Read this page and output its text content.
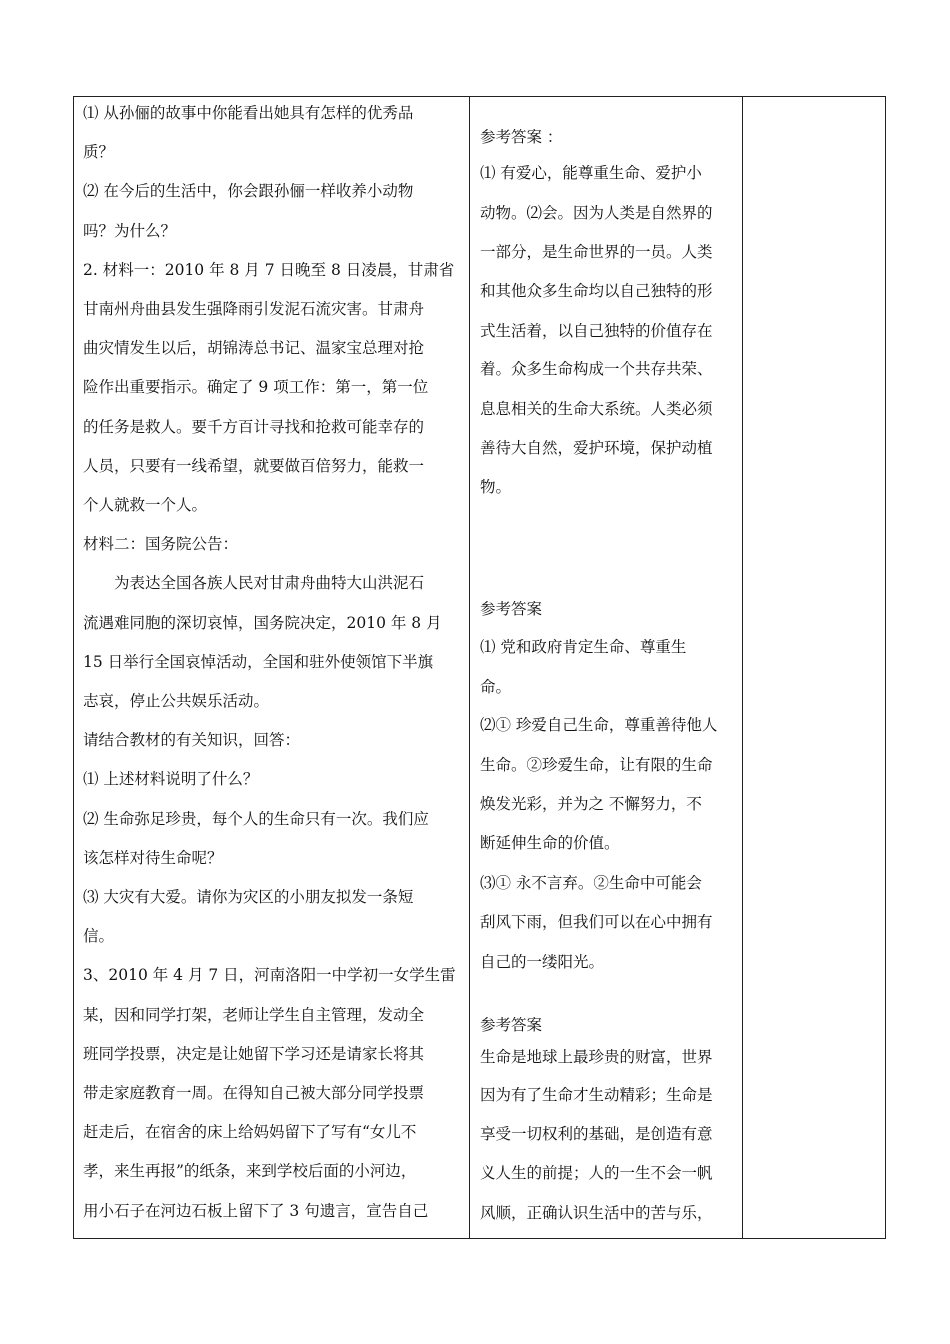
⑴ 从孙俪的故事中你能看出她具有怎样的优秀品
质？
⑵ 在今后的生活中，你会跟孙俪一样收养小动物
吗？为什么？
2. 材料一：2010 年 8 月 7 日晚至 8 日凌晨，甘肃省
甘南州舟曲县发生强降雨引发泥石流灾害。甘肃舟
曲灾情发生以后，胡锦涛总书记、温家宝总理对抢
险作出重要指示。确定了 9 项工作：第一，第一位
的任务是救人。要千方百计寻找和抢救可能幸存的
人员，只要有一线希望，就要做百倍努力，能救一
个人就救一个人。
材料二：国务院公告：
　　为表达全国各族人民对甘肃舟曲特大山洪泥石
流遇难同胞的深切哀悼，国务院决定，2010 年 8 月
15 日举行全国哀悼活动，全国和驻外使领馆下半旗
志哀，停止公共娱乐活动。
请结合教材的有关知识，回答：
⑴ 上述材料说明了什么？
⑵ 生命弥足珍贵，每个人的生命只有一次。我们应
该怎样对待生命呢？
⑶ 大灾有大爱。请你为灾区的小朋友拟发一条短
信。
3、2010 年 4 月 7 日，河南洛阳一中学初一女学生雷
某，因和同学打架，老师让学生自主管理，发动全
班同学投票，决定是让她留下学习还是请家长将其
带走家庭教育一周。在得知自己被大部分同学投票
赶走后，在宿舍的床上给妈妈留下了写有“女儿不
孝，来生再报”的纸条，来到学校后面的小河边，
用小石子在河边石板上留下了 3 句遗言，宣告自己
参考答案 ：
⑴ 有爱心，能尊重生命、爱护小
动物。⑵会。因为人类是自然界的
一部分，是生命世界的一员。人类
和其他众多生命均以自己独特的形
式生活着，以自己独特的价值存在
着。众多生命构成一个共存共荣、
息息相关的生命大系统。人类必须
善待大自然，爱护环境，保护动植
物。
参考答案
⑴ 党和政府肯定生命、尊重生
命。
⑵① 珍爱自己生命，尊重善待他人
生命。②珍爱生命，让有限的生命
焕发光彩，并为之 不懈努力，不
断延伸生命的价值。
⑶① 永不言弃。②生命中可能会
刮风下雨，但我们可以在心中拥有
自己的一缕阳光。
参考答案
生命是地球上最珍贵的财富，世界
因为有了生命才生动精彩；生命是
享受一切权利的基础，是创造有意
义人生的前提；人的一生不会一帆
风顺，正确认识生活中的苦与乐，
